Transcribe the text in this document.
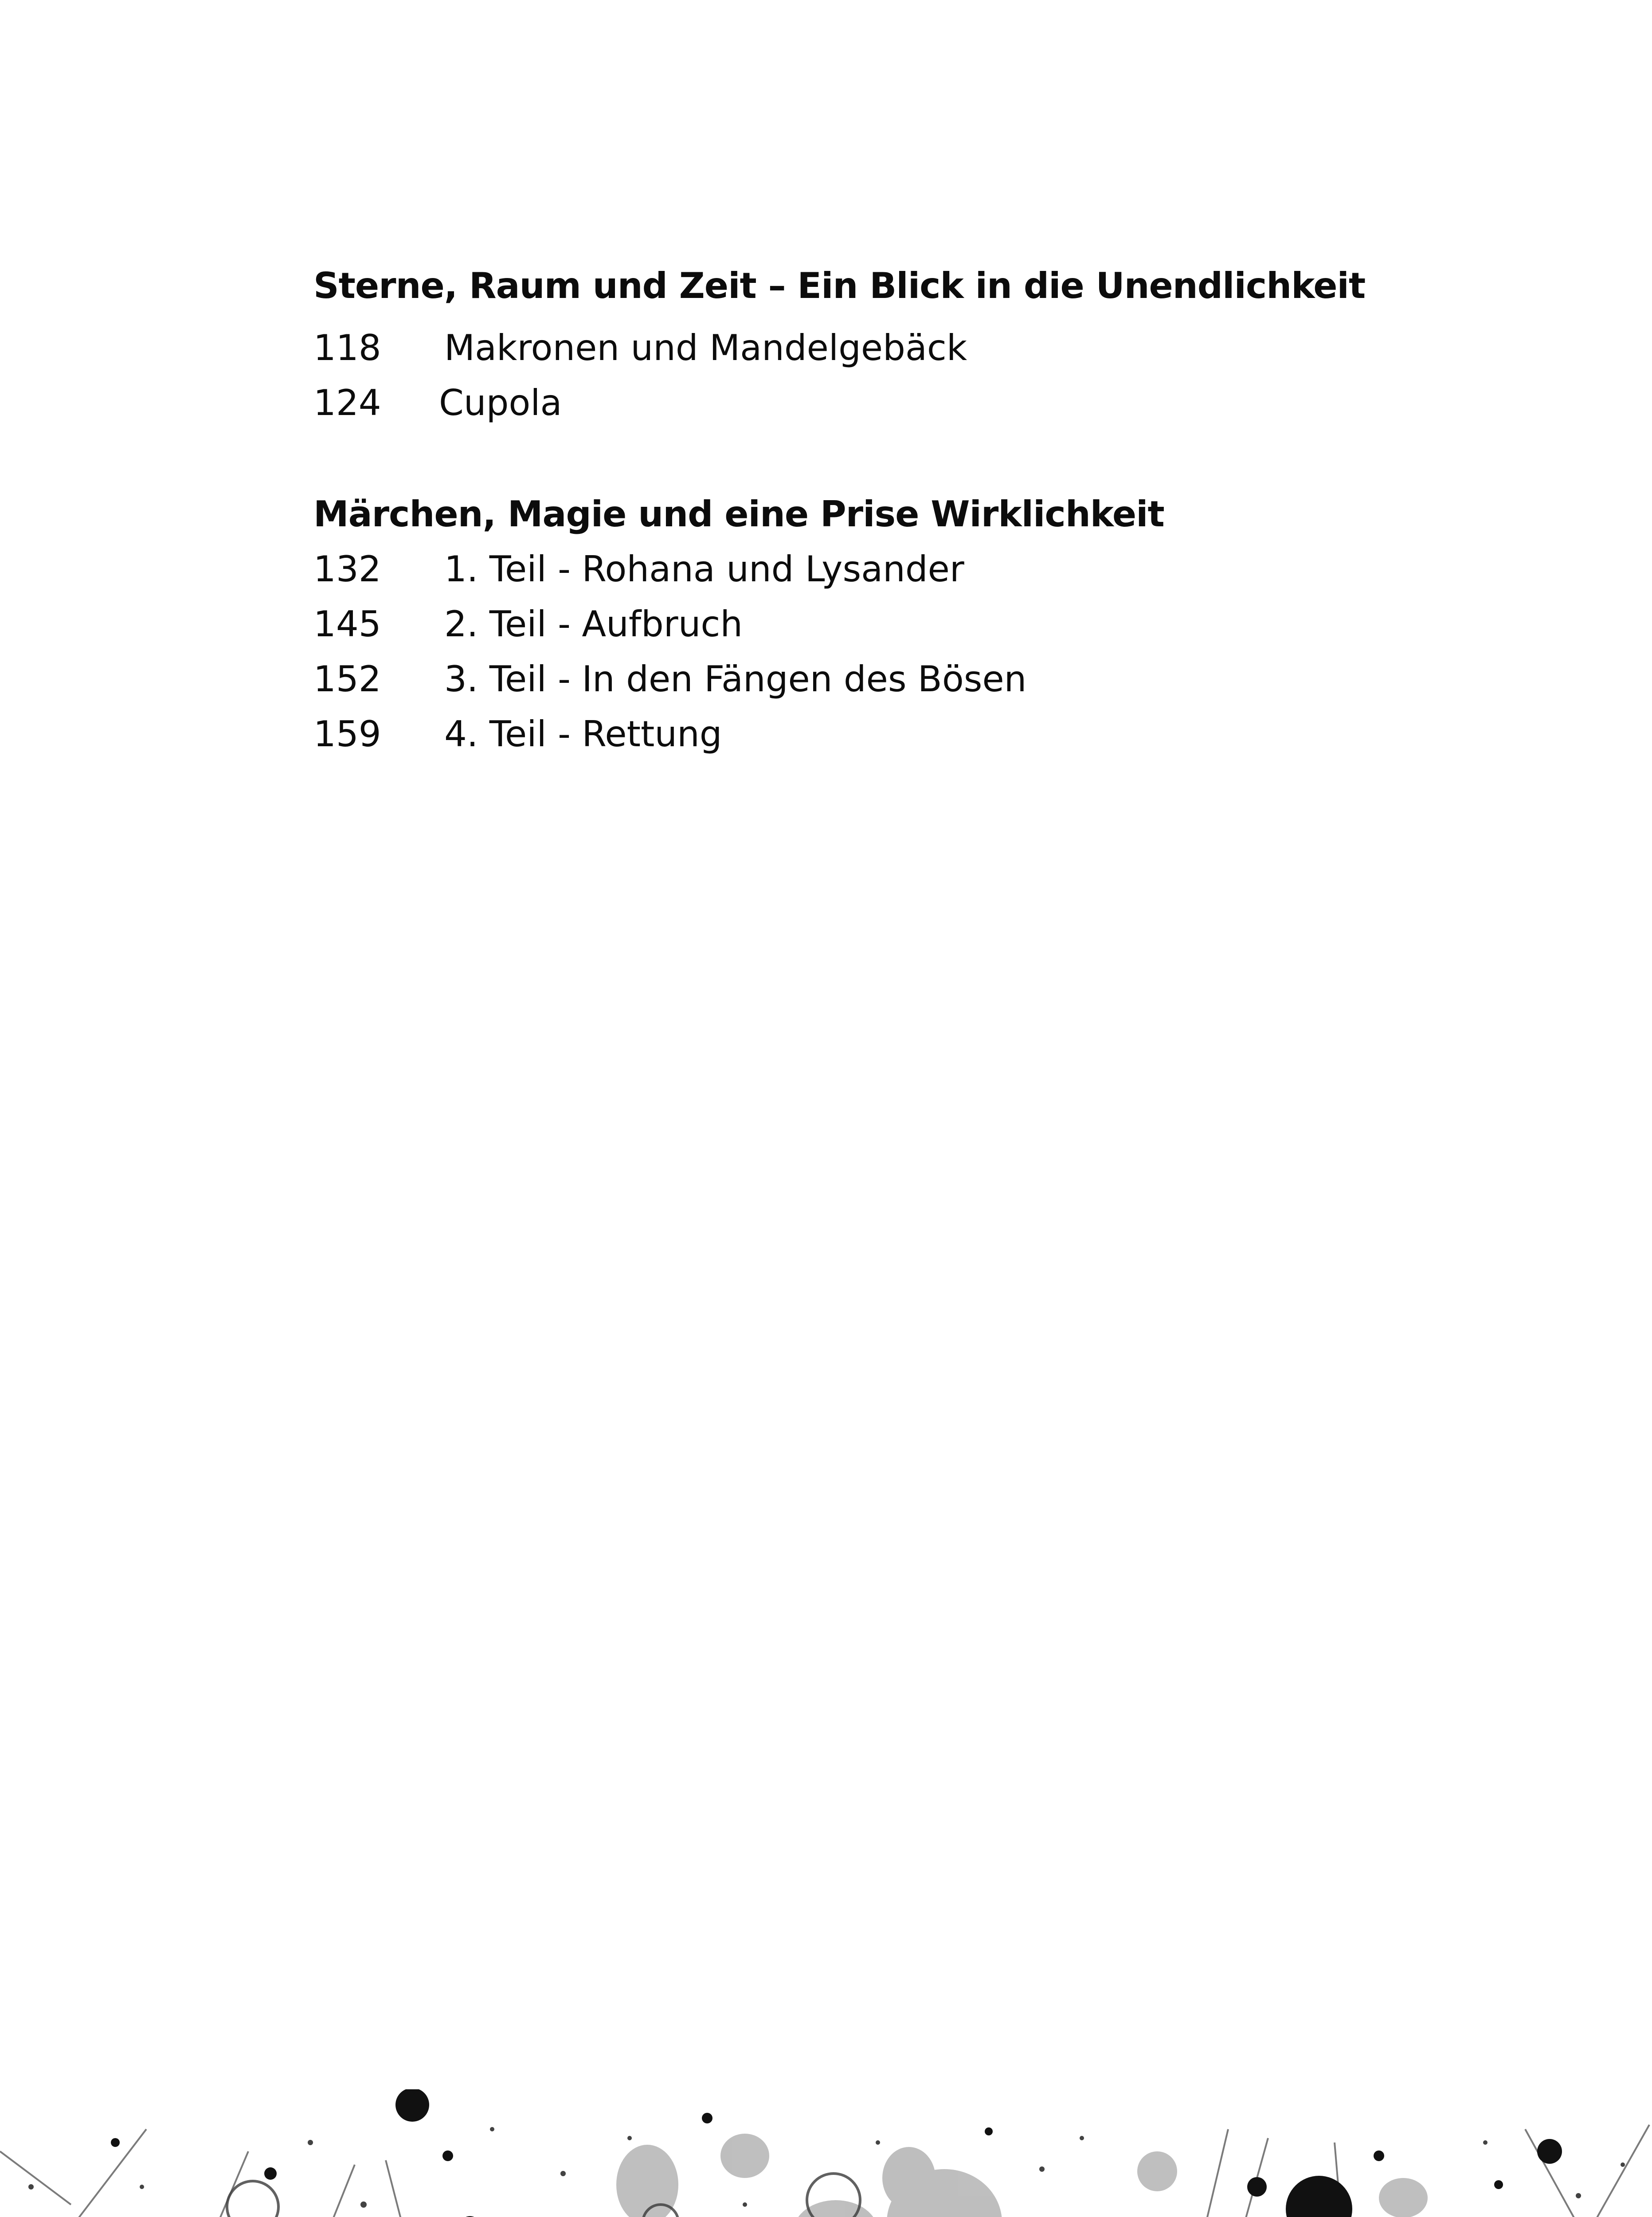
Sterne, Raum und Zeit – Ein Blick in die Unendlichkeit
118 Makronen und Mandelgebäck
124 Cupola
Märchen, Magie und eine Prise Wirklichkeit
132 1. Teil - Rohana und Lysander
145 2. Teil - Aufbruch
152 3. Teil - In den Fängen des Bösen
159 4. Teil - Rettung
